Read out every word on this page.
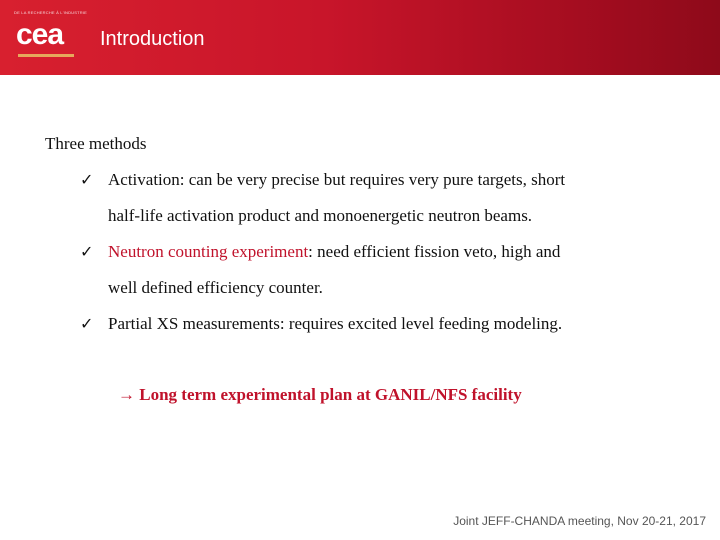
DE LA RECHERCHE À L'INDUSTRIE
cea Introduction
Three methods
✓ Activation: can be very precise but requires very pure targets, short
half-life activation product and monoenergetic neutron beams.
✓ Neutron counting experiment: need efficient fission veto, high and
well defined efficiency counter.
✓ Partial XS measurements: requires excited level feeding modeling.
→ Long term experimental plan at GANIL/NFS facility
Joint JEFF-CHANDA meeting, Nov 20-21, 2017
